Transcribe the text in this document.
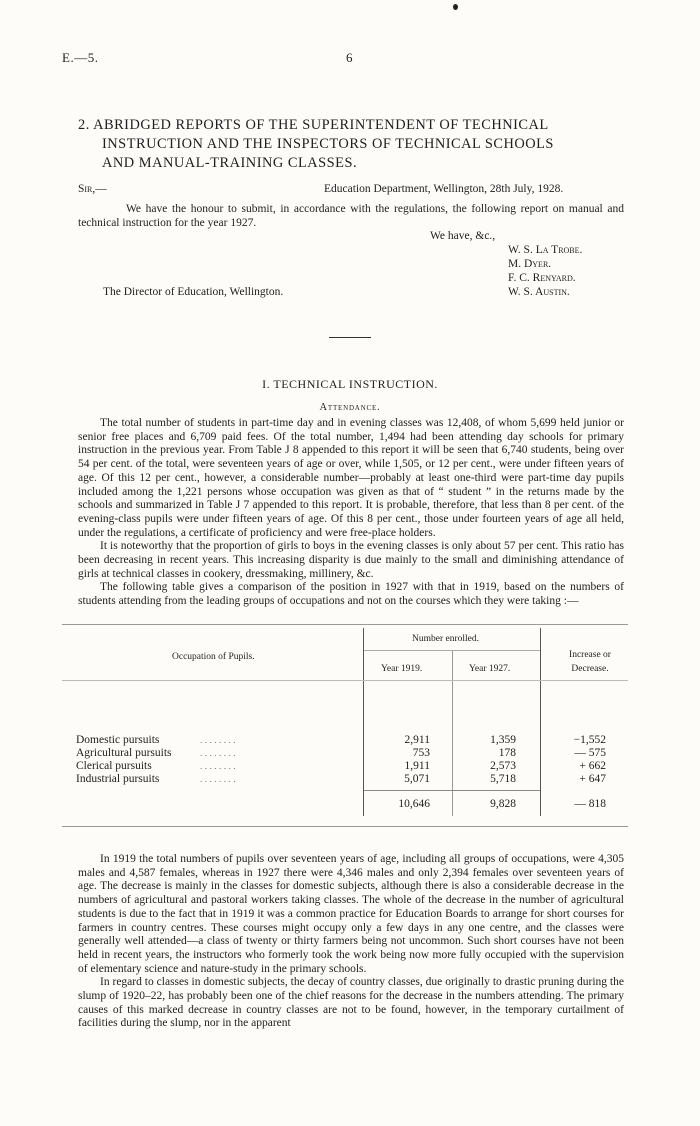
E.—5.	6
2. ABRIDGED REPORTS OF THE SUPERINTENDENT OF TECHNICAL
INSTRUCTION AND THE INSPECTORS OF TECHNICAL SCHOOLS
AND MANUAL-TRAINING CLASSES.
Sir,—	Education Department, Wellington, 28th July, 1928.

We have the honour to submit, in accordance with the regulations, the following report on manual and technical instruction for the year 1927.

We have, &c.,
W. S. La Trobe.
M. Dyer.
F. C. Renyard.
W. S. Austin.
The Director of Education, Wellington.
I. TECHNICAL INSTRUCTION.
Attendance.

The total number of students in part-time day and in evening classes was 12,408, of whom 5,699 held junior or senior free places and 6,709 paid fees. Of the total number, 1,494 had been attending day schools for primary instruction in the previous year. From Table J 8 appended to this report it will be seen that 6,740 students, being over 54 per cent. of the total, were seventeen years of age or over, while 1,505, or 12 per cent., were under fifteen years of age. Of this 12 per cent., however, a considerable number—probably at least one-third were part-time day pupils included among the 1,221 persons whose occupation was given as that of “ student ” in the returns made by the schools and summarized in Table J 7 appended to this report. It is probable, therefore, that less than 8 per cent. of the evening-class pupils were under fifteen years of age. Of this 8 per cent., those under fourteen years of age all held, under the regulations, a certificate of proficiency and were free-place holders.

It is noteworthy that the proportion of girls to boys in the evening classes is only about 57 per cent. This ratio has been decreasing in recent years. This increasing disparity is due mainly to the small and diminishing attendance of girls at technical classes in cookery, dressmaking, millinery, &c.

The following table gives a comparison of the position in 1927 with that in 1919, based on the numbers of students attending from the leading groups of occupations and not on the courses which they were taking :—

Occupation of Pupils.
Number enrolled.
Year 1919.	Year 1927.
Increase or
Decrease.
Domestic pursuits	. . . . . . . .	2,911	1,359	−1,552
Agricultural pursuits	. . . . . . . .	753	178	— 575
Clerical pursuits	. . . . . . . .	1,911	2,573	+ 662
Industrial pursuits	. . . . . . . .	5,071	5,718	+ 647
10,646	9,828	— 818

In 1919 the total numbers of pupils over seventeen years of age, including all groups of occupations, were 4,305 males and 4,587 females, whereas in 1927 there were 4,346 males and only 2,394 females over seventeen years of age. The decrease is mainly in the classes for domestic subjects, although there is also a considerable decrease in the numbers of agricultural and pastoral workers taking classes. The whole of the decrease in the number of agricultural students is due to the fact that in 1919 it was a common practice for Education Boards to arrange for short courses for farmers in country centres. These courses might occupy only a few days in any one centre, and the classes were generally well attended—a class of twenty or thirty farmers being not uncommon. Such short courses have not been held in recent years, the instructors who formerly took the work being now more fully occupied with the supervision of elementary science and nature-study in the primary schools.

In regard to classes in domestic subjects, the decay of country classes, due originally to drastic pruning during the slump of 1920–22, has probably been one of the chief reasons for the decrease in the numbers attending. The primary causes of this marked decrease in country classes are not to be found, however, in the temporary curtailment of facilities during the slump, nor in the apparent
